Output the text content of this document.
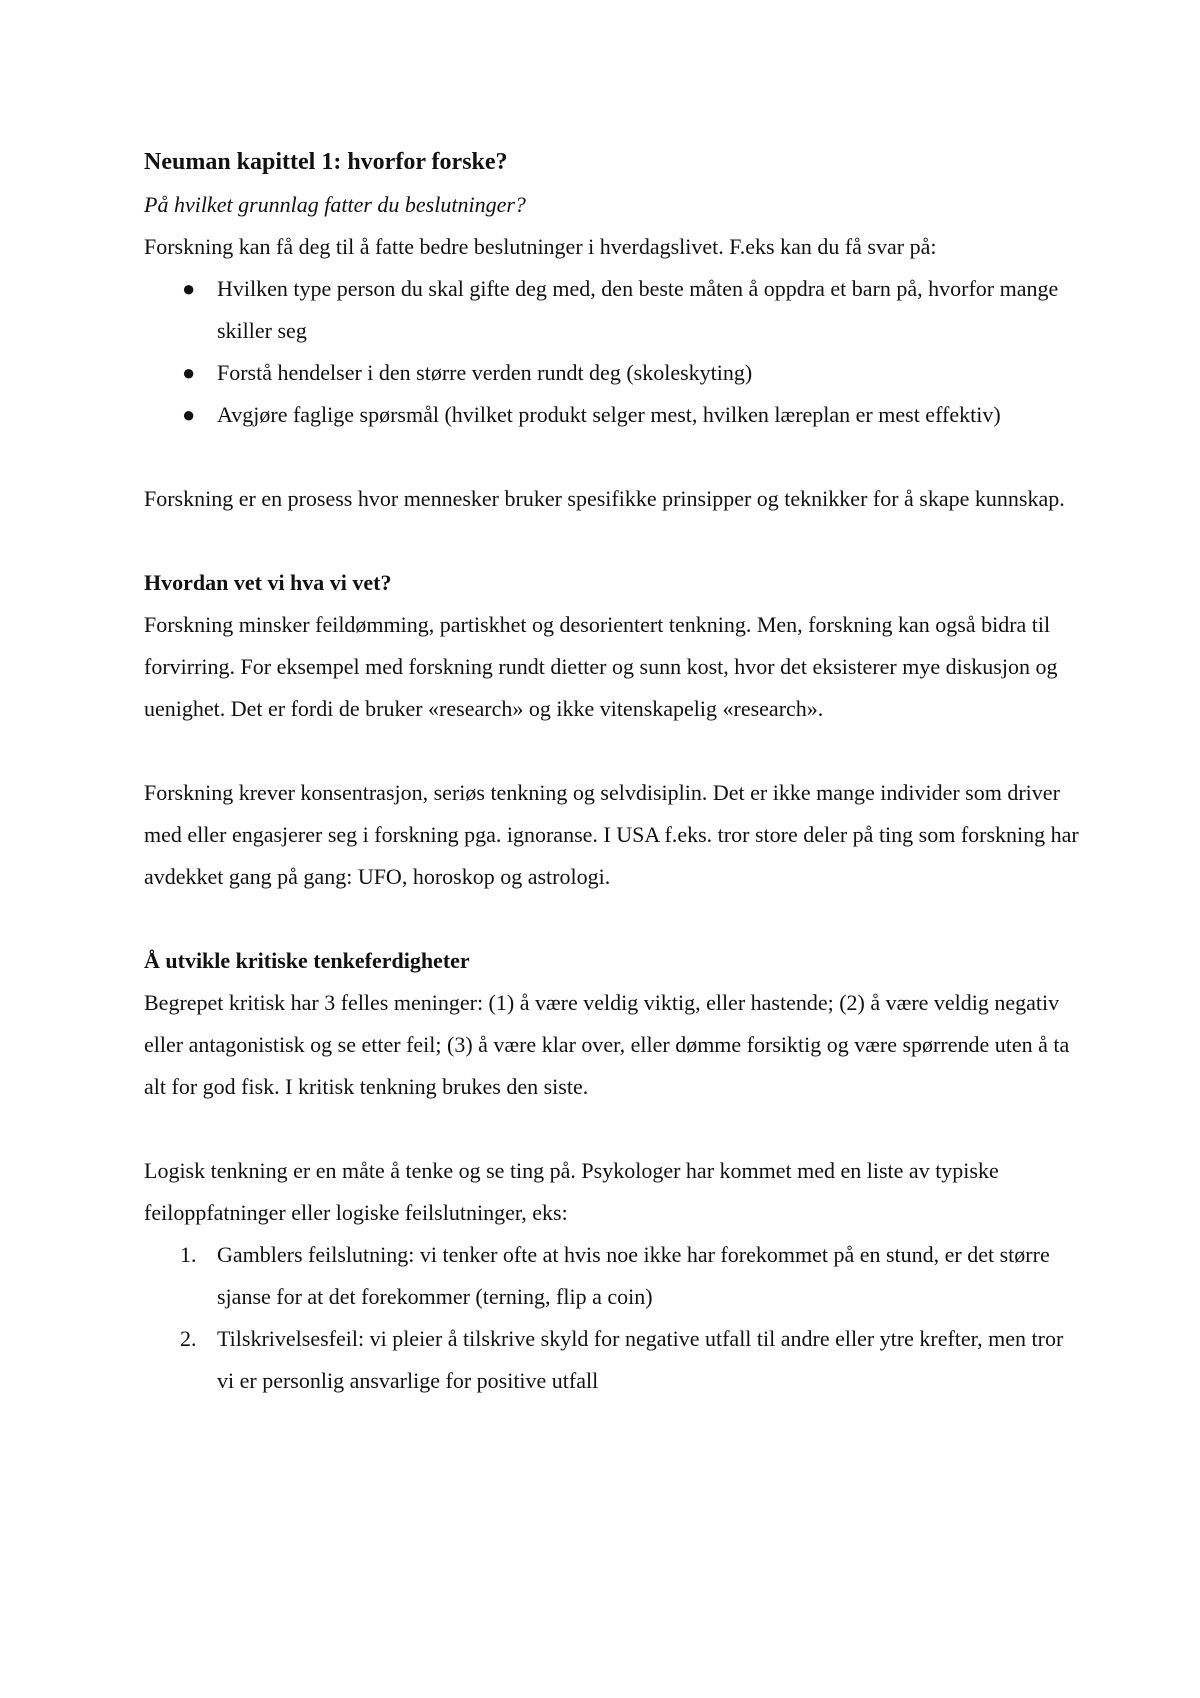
Neuman kapittel 1: hvorfor forske?

På hvilket grunnlag fatter du beslutninger?

Forskning kan få deg til å fatte bedre beslutninger i hverdagslivet. F.eks kan du få svar på:

● Hvilken type person du skal gifte deg med, den beste måten å oppdra et barn på, hvorfor mange skiller seg
● Forstå hendelser i den større verden rundt deg (skoleskyting)
● Avgjøre faglige spørsmål (hvilket produkt selger mest, hvilken læreplan er mest effektiv)

Forskning er en prosess hvor mennesker bruker spesifikke prinsipper og teknikker for å skape kunnskap.

Hvordan vet vi hva vi vet?

Forskning minsker feildømming, partiskhet og desorientert tenkning. Men, forskning kan også bidra til forvirring. For eksempel med forskning rundt dietter og sunn kost, hvor det eksisterer mye diskusjon og uenighet. Det er fordi de bruker «research» og ikke vitenskapelig «research».

Forskning krever konsentrasjon, seriøs tenkning og selvdisiplin. Det er ikke mange individer som driver med eller engasjerer seg i forskning pga. ignoranse. I USA f.eks. tror store deler på ting som forskning har avdekket gang på gang: UFO, horoskop og astrologi.

Å utvikle kritiske tenkeferdigheter

Begrepet kritisk har 3 felles meninger: (1) å være veldig viktig, eller hastende; (2) å være veldig negativ eller antagonistisk og se etter feil; (3) å være klar over, eller dømme forsiktig og være spørrende uten å ta alt for god fisk. I kritisk tenkning brukes den siste.

Logisk tenkning er en måte å tenke og se ting på. Psykologer har kommet med en liste av typiske feiloppfatninger eller logiske feilslutninger, eks:

1. Gamblers feilslutning: vi tenker ofte at hvis noe ikke har forekommet på en stund, er det større sjanse for at det forekommer (terning, flip a coin)
2. Tilskrivelsesfeil: vi pleier å tilskrive skyld for negative utfall til andre eller ytre krefter, men tror vi er personlig ansvarlige for positive utfall
